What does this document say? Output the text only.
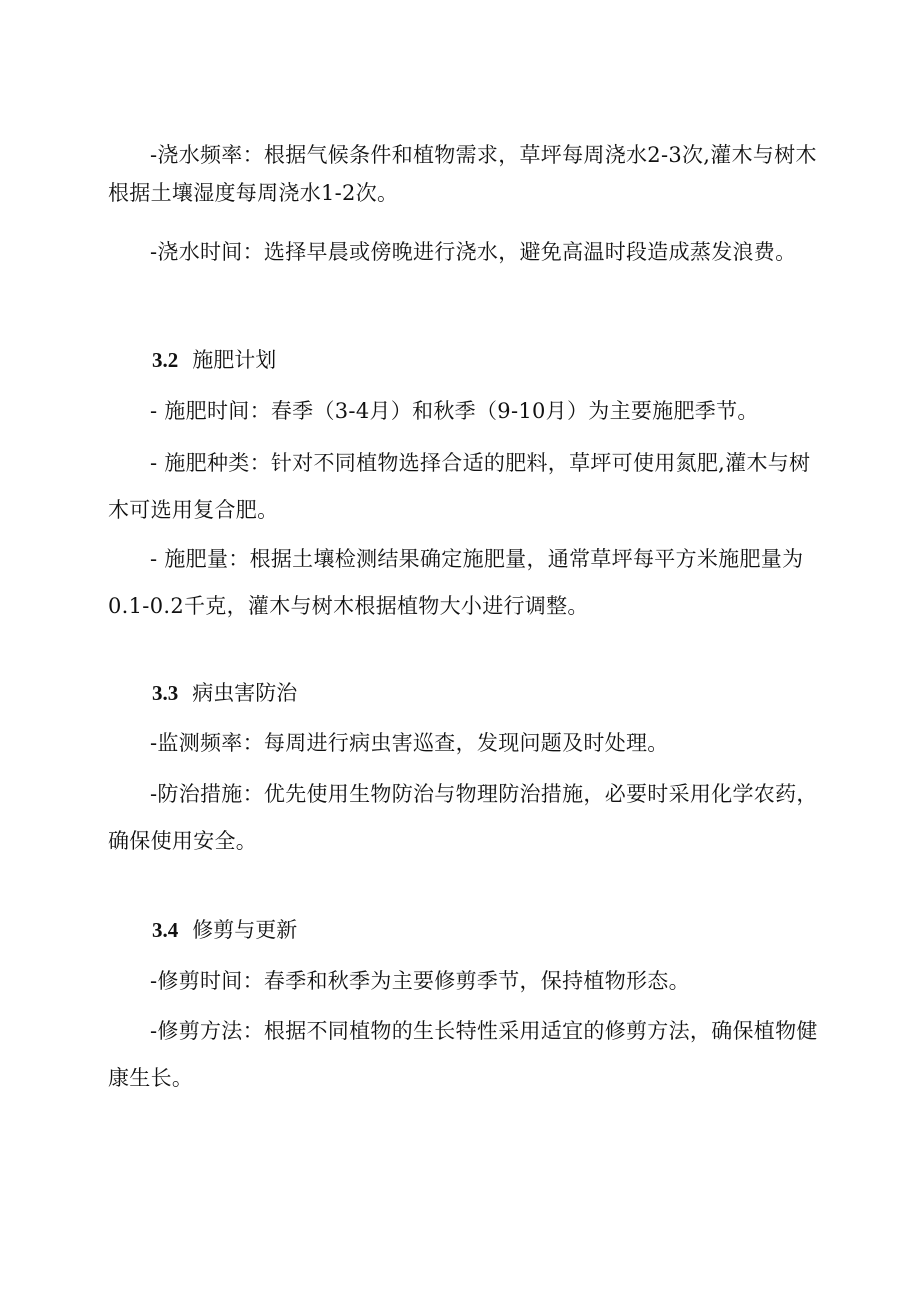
-浇水频率：根据气候条件和植物需求，草坪每周浇水2-3次,灌木与树木根据土壤湿度每周浇水1-2次。

-浇水时间：选择早晨或傍晚进行浇水，避免高温时段造成蒸发浪费。

3.2 施肥计划

- 施肥时间：春季（3-4月）和秋季（9-10月）为主要施肥季节。

- 施肥种类：针对不同植物选择合适的肥料，草坪可使用氮肥,灌木与树木可选用复合肥。

- 施肥量：根据土壤检测结果确定施肥量，通常草坪每平方米施肥量为0.1-0.2千克，灌木与树木根据植物大小进行调整。

3.3 病虫害防治

-监测频率：每周进行病虫害巡查，发现问题及时处理。

-防治措施：优先使用生物防治与物理防治措施，必要时采用化学农药，确保使用安全。

3.4 修剪与更新

-修剪时间：春季和秋季为主要修剪季节，保持植物形态。

-修剪方法：根据不同植物的生长特性采用适宜的修剪方法，确保植物健康生长。
